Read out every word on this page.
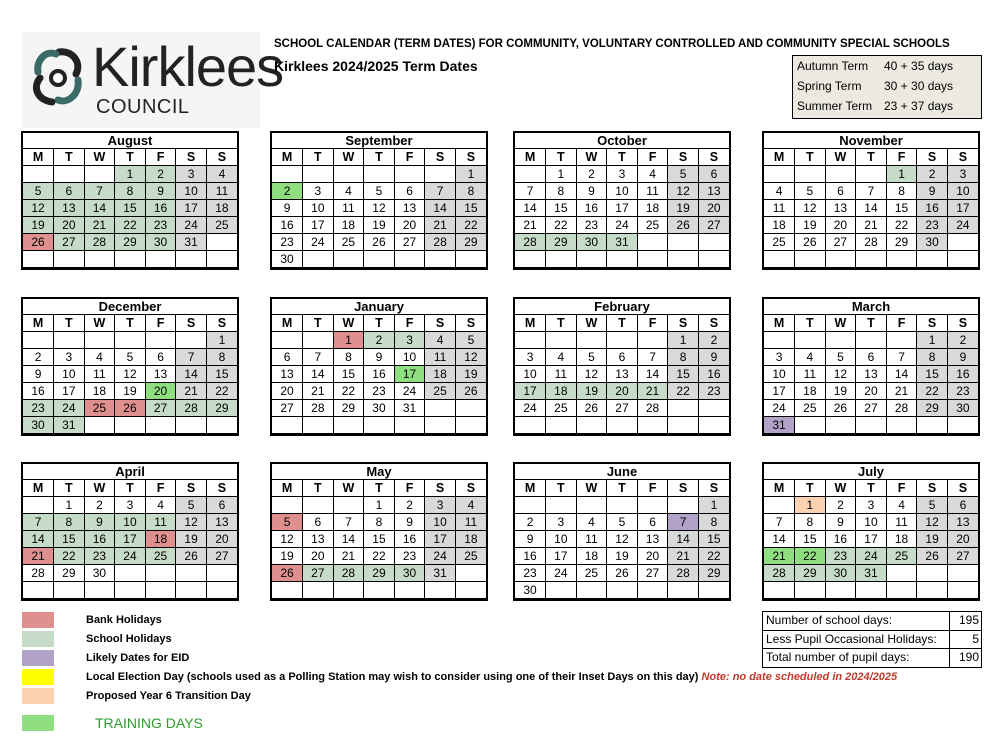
Kirklees
COUNCIL
SCHOOL CALENDAR (TERM DATES) FOR COMMUNITY, VOLUNTARY CONTROLLED AND COMMUNITY SPECIAL SCHOOLS
Kirklees 2024/2025 Term Dates	Autumn Term	40 + 35 days
Spring Term	30 + 30 days
Summer Term 23 + 37 days
August
M	T	W	T	F	S	S
			1	2	3	4
5	6	7	8	9	10	11
12	13	14	15	16	17	18
19	20	21	22	23	24	25
26	27	28	29	30	31	

September
M	T	W	T	F	S	S
						1
2	3	4	5	6	7	8
9	10	11	12	13	14	15
16	17	18	19	20	21	22
23	24	25	26	27	28	29
30						
October
M	T	W	T	F	S	S
	1	2	3	4	5	6
7	8	9	10	11	12	13
14	15	16	17	18	19	20
21	22	23	24	25	26	27
28	29	30	31			

November
M	T	W	T	F	S	S
				1	2	3
4	5	6	7	8	9	10
11	12	13	14	15	16	17
18	19	20	21	22	23	24
25	26	27	28	29	30	

December
M	T	W	T	F	S	S
						1
2	3	4	5	6	7	8
9	10	11	12	13	14	15
16	17	18	19	20	21	22
23	24	25	26	27	28	29
30	31					
January
M	T	W	T	F	S	S
		1	2	3	4	5
6	7	8	9	10	11	12
13	14	15	16	17	18	19
20	21	22	23	24	25	26
27	28	29	30	31		

February
M	T	W	T	F	S	S
					1	2
3	4	5	6	7	8	9
10	11	12	13	14	15	16
17	18	19	20	21	22	23
24	25	26	27	28		

March
M	T	W	T	F	S	S
					1	2
3	4	5	6	7	8	9
10	11	12	13	14	15	16
17	18	19	20	21	22	23
24	25	26	27	28	29	30
31						
April
M	T	W	T	F	S	S
	1	2	3	4	5	6
7	8	9	10	11	12	13
14	15	16	17	18	19	20
21	22	23	24	25	26	27
28	29	30				

May
M	T	W	T	F	S	S
			1	2	3	4
5	6	7	8	9	10	11
12	13	14	15	16	17	18
19	20	21	22	23	24	25
26	27	28	29	30	31	

June
M	T	W	T	F	S	S
						1
2	3	4	5	6	7	8
9	10	11	12	13	14	15
16	17	18	19	20	21	22
23	24	25	26	27	28	29
30						
July
M	T	W	T	F	S	S
	1	2	3	4	5	6
7	8	9	10	11	12	13
14	15	16	17	18	19	20
21	22	23	24	25	26	27
28	29	30	31			

Bank Holidays
School Holidays
Likely Dates for EID
Local Election Day (schools used as a Polling Station may wish to consider using one of their Inset Days on this day) Note: no date scheduled in 2024/2025
Proposed Year 6 Transition Day
TRAINING DAYS
Number of school days:	195
Less Pupil Occasional Holidays:	5
Total number of pupil days:	190
